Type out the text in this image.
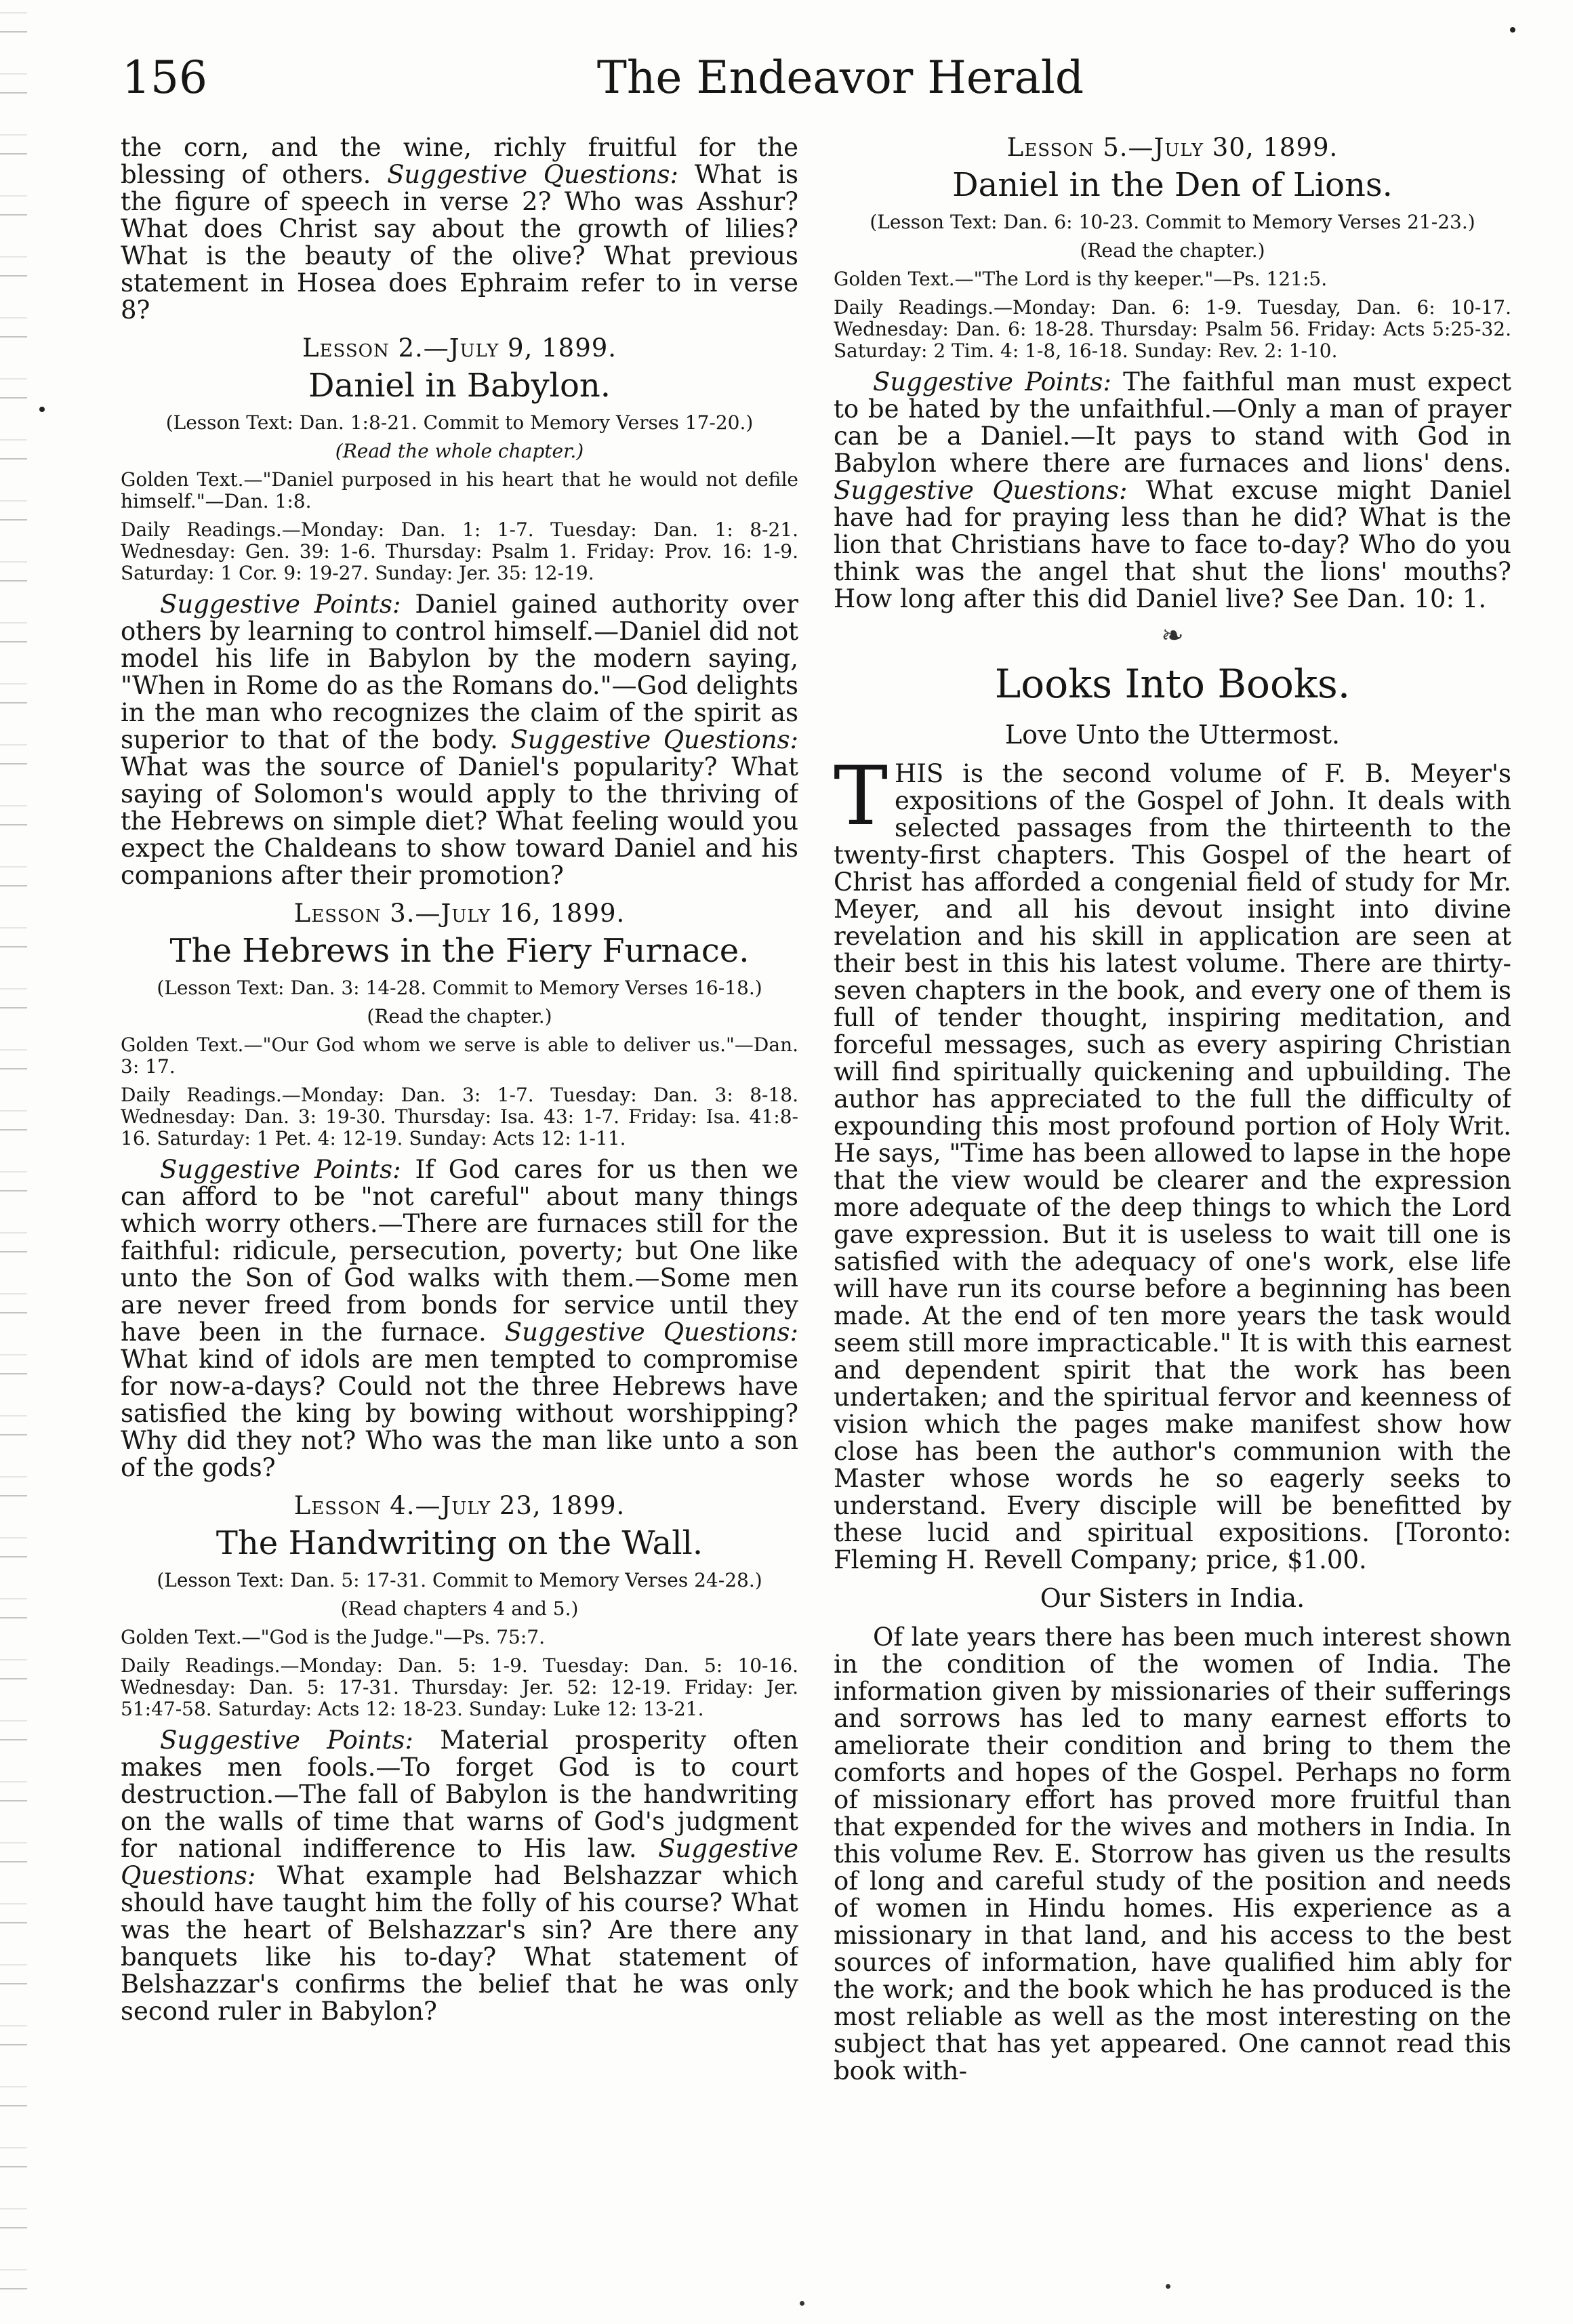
156	The Endeavor Herald

the corn, and the wine, richly fruitful for the blessing of others. Suggestive Questions: What is the figure of speech in verse 2? Who was Asshur? What does Christ say about the growth of lilies? What is the beauty of the olive? What previous statement in Hosea does Ephraim refer to in verse 8?

Lesson 2.—July 9, 1899.
Daniel in Babylon.
(Lesson Text: Dan. 1:8-21. Commit to Memory Verses 17-20.)
(Read the whole chapter.)
Golden Text.—"Daniel purposed in his heart that he would not defile himself."—Dan. 1:8.
Daily Readings.—Monday: Dan. 1: 1-7. Tuesday: Dan. 1: 8-21. Wednesday: Gen. 39: 1-6. Thursday: Psalm 1. Friday: Prov. 16: 1-9. Saturday: 1 Cor. 9: 19-27. Sunday: Jer. 35: 12-19.

Suggestive Points: Daniel gained authority over others by learning to control himself.—Daniel did not model his life in Babylon by the modern saying, "When in Rome do as the Romans do."—God delights in the man who recognizes the claim of the spirit as superior to that of the body. Suggestive Questions: What was the source of Daniel's popularity? What saying of Solomon's would apply to the thriving of the Hebrews on simple diet? What feeling would you expect the Chaldeans to show toward Daniel and his companions after their promotion?

Lesson 3.—July 16, 1899.
The Hebrews in the Fiery Furnace.
(Lesson Text: Dan. 3: 14-28. Commit to Memory Verses 16-18.)
(Read the chapter.)
Golden Text.—"Our God whom we serve is able to deliver us."—Dan. 3: 17.
Daily Readings.—Monday: Dan. 3: 1-7. Tuesday: Dan. 3: 8-18. Wednesday: Dan. 3: 19-30. Thursday: Isa. 43: 1-7. Friday: Isa. 41:8-16. Saturday: 1 Pet. 4: 12-19. Sunday: Acts 12: 1-11.

Suggestive Points: If God cares for us then we can afford to be "not careful" about many things which worry others.—There are furnaces still for the faithful: ridicule, persecution, poverty; but One like unto the Son of God walks with them.—Some men are never freed from bonds for service until they have been in the furnace. Suggestive Questions: What kind of idols are men tempted to compromise for now-a-days? Could not the three Hebrews have satisfied the king by bowing without worshipping? Why did they not? Who was the man like unto a son of the gods?

Lesson 4.—July 23, 1899.
The Handwriting on the Wall.
(Lesson Text: Dan. 5: 17-31. Commit to Memory Verses 24-28.)
(Read chapters 4 and 5.)
Golden Text.—"God is the Judge."—Ps. 75:7.
Daily Readings.—Monday: Dan. 5: 1-9. Tuesday: Dan. 5: 10-16. Wednesday: Dan. 5: 17-31. Thursday: Jer. 52: 12-19. Friday: Jer. 51:47-58. Saturday: Acts 12: 18-23. Sunday: Luke 12: 13-21.

Suggestive Points: Material prosperity often makes men fools.—To forget God is to court destruction.—The fall of Babylon is the handwriting on the walls of time that warns of God's judgment for national indifference to His law. Suggestive Questions: What example had Belshazzar which should have taught him the folly of his course? What was the heart of Belshazzar's sin? Are there any banquets like his to-day? What statement of Belshazzar's confirms the belief that he was only second ruler in Babylon?

Lesson 5.—July 30, 1899.
Daniel in the Den of Lions.
(Lesson Text: Dan. 6: 10-23. Commit to Memory Verses 21-23.)
(Read the chapter.)
Golden Text.—"The Lord is thy keeper."—Ps. 121:5.
Daily Readings.—Monday: Dan. 6: 1-9. Tuesday, Dan. 6: 10-17. Wednesday: Dan. 6: 18-28. Thursday: Psalm 56. Friday: Acts 5:25-32. Saturday: 2 Tim. 4: 1-8, 16-18. Sunday: Rev. 2: 1-10.

Suggestive Points: The faithful man must expect to be hated by the unfaithful.—Only a man of prayer can be a Daniel.—It pays to stand with God in Babylon where there are furnaces and lions' dens. Suggestive Questions: What excuse might Daniel have had for praying less than he did? What is the lion that Christians have to face to-day? Who do you think was the angel that shut the lions' mouths? How long after this did Daniel live? See Dan. 10: 1.

❧
Looks Into Books.
Love Unto the Uttermost.

THIS is the second volume of F. B. Meyer's expositions of the Gospel of John. It deals with selected passages from the thirteenth to the twenty-first chapters. This Gospel of the heart of Christ has afforded a congenial field of study for Mr. Meyer, and all his devout insight into divine revelation and his skill in application are seen at their best in this his latest volume. There are thirty-seven chapters in the book, and every one of them is full of tender thought, inspiring meditation, and forceful messages, such as every aspiring Christian will find spiritually quickening and upbuilding. The author has appreciated to the full the difficulty of expounding this most profound portion of Holy Writ. He says, "Time has been allowed to lapse in the hope that the view would be clearer and the expression more adequate of the deep things to which the Lord gave expression. But it is useless to wait till one is satisfied with the adequacy of one's work, else life will have run its course before a beginning has been made. At the end of ten more years the task would seem still more impracticable." It is with this earnest and dependent spirit that the work has been undertaken; and the spiritual fervor and keenness of vision which the pages make manifest show how close has been the author's communion with the Master whose words he so eagerly seeks to understand. Every disciple will be benefitted by these lucid and spiritual expositions. [Toronto: Fleming H. Revell Company; price, $1.00.

Our Sisters in India.

Of late years there has been much interest shown in the condition of the women of India. The information given by missionaries of their sufferings and sorrows has led to many earnest efforts to ameliorate their condition and bring to them the comforts and hopes of the Gospel. Perhaps no form of missionary effort has proved more fruitful than that expended for the wives and mothers in India. In this volume Rev. E. Storrow has given us the results of long and careful study of the position and needs of women in Hindu homes. His experience as a missionary in that land, and his access to the best sources of information, have qualified him ably for the work; and the book which he has produced is the most reliable as well as the most interesting on the subject that has yet appeared. One cannot read this book with-
